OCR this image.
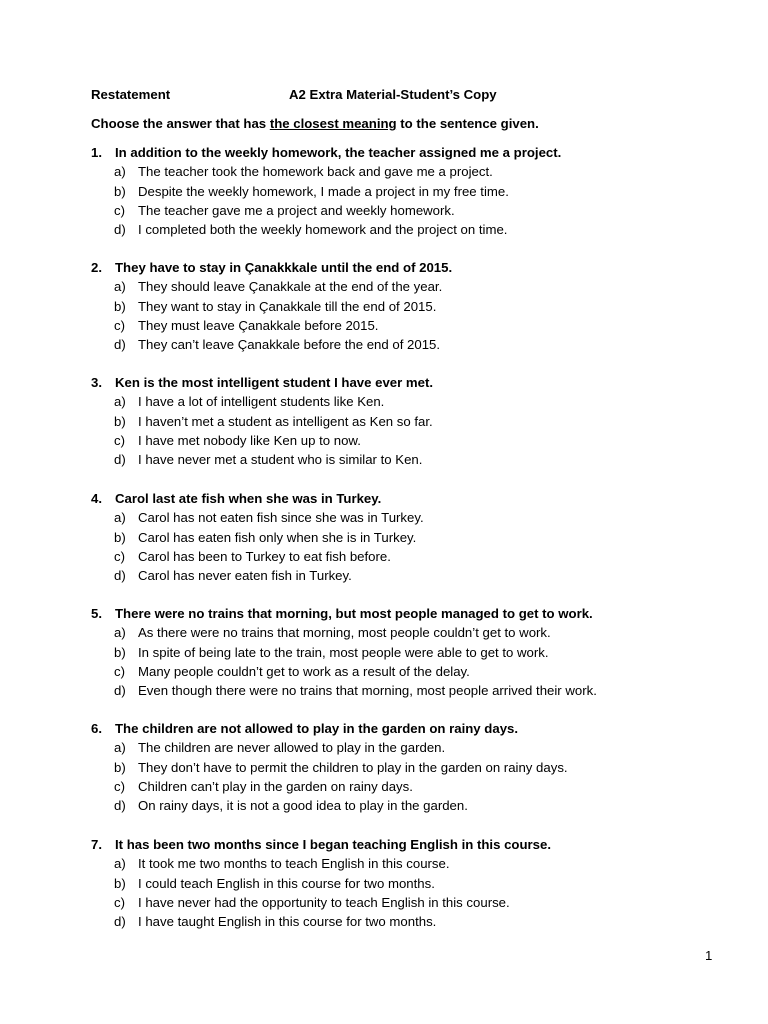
Restatement	A2 Extra Material-Student’s Copy
Choose the answer that has the closest meaning to the sentence given.
1. In addition to the weekly homework, the teacher assigned me a project.
a) The teacher took the homework back and gave me a project.
b) Despite the weekly homework, I made a project in my free time.
c) The teacher gave me a project and weekly homework.
d) I completed both the weekly homework and the project on time.
2. They have to stay in Çanakkkale until the end of 2015.
a) They should leave Çanakkale at the end of the year.
b) They want to stay in Çanakkale till the end of 2015.
c) They must leave Çanakkale before 2015.
d) They can’t leave Çanakkale before the end of 2015.
3. Ken is the most intelligent student I have ever met.
a) I have a lot of intelligent students like Ken.
b) I haven’t met a student as intelligent as Ken so far.
c) I have met nobody like Ken up to now.
d) I have never met a student who is similar to Ken.
4. Carol last ate fish when she was in Turkey.
a) Carol has not eaten fish since she was in Turkey.
b) Carol has eaten fish only when she is in Turkey.
c) Carol has been to Turkey to eat fish before.
d) Carol has never eaten fish in Turkey.
5. There were no trains that morning, but most people managed to get to work.
a) As there were no trains that morning, most people couldn’t get to work.
b) In spite of being late to the train, most people were able to get to work.
c) Many people couldn’t get to work as a result of the delay.
d) Even though there were no trains that morning, most people arrived their work.
6. The children are not allowed to play in the garden on rainy days.
a) The children are never allowed to play in the garden.
b) They don’t have to permit the children to play in the garden on rainy days.
c) Children can’t play in the garden on rainy days.
d) On rainy days, it is not a good idea to play in the garden.
7. It has been two months since I began teaching English in this course.
a) It took me two months to teach English in this course.
b) I could teach English in this course for two months.
c) I have never had the opportunity to teach English in this course.
d) I have taught English in this course for two months.
1
